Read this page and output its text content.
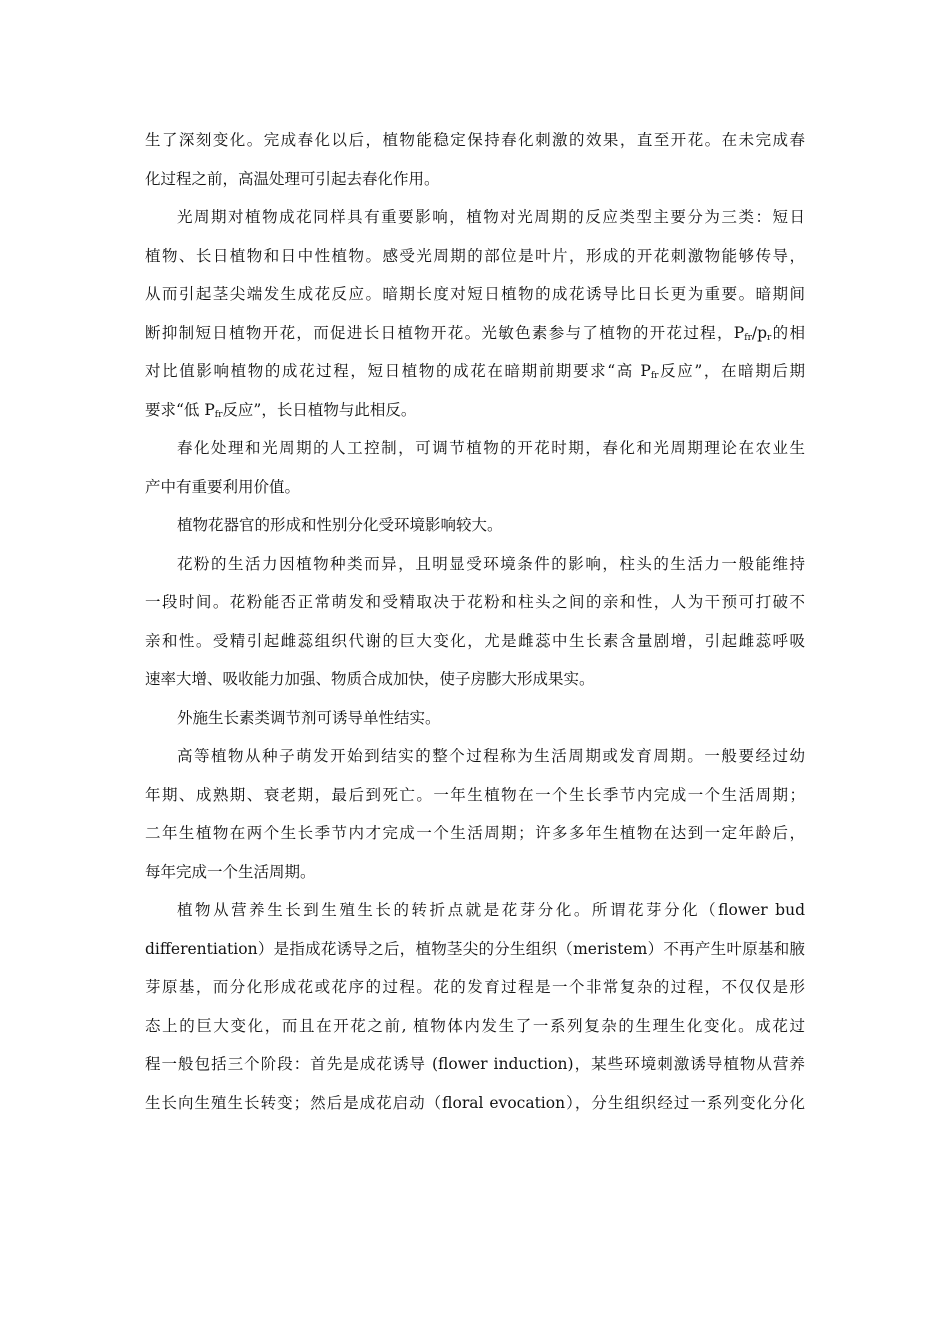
生了深刻变化。完成春化以后，植物能稳定保持春化刺激的效果，直至开花。在未完成春
化过程之前，高温处理可引起去春化作用。
光周期对植物成花同样具有重要影响，植物对光周期的反应类型主要分为三类：短日
植物、长日植物和日中性植物。感受光周期的部位是叶片，形成的开花刺激物能够传导，
从而引起茎尖端发生成花反应。暗期长度对短日植物的成花诱导比日长更为重要。暗期间
断抑制短日植物开花，而促进长日植物开花。光敏色素参与了植物的开花过程，$P_{fr}/p_r$的相
对比值影响植物的成花过程，短日植物的成花在暗期前期要求“高 $P_{fr}$反应”，在暗期后期
要求“低 $P_{fr}$反应”，长日植物与此相反。
春化处理和光周期的人工控制，可调节植物的开花时期，春化和光周期理论在农业生
产中有重要利用价值。
植物花器官的形成和性别分化受环境影响较大。
花粉的生活力因植物种类而异，且明显受环境条件的影响，柱头的生活力一般能维持
一段时间。花粉能否正常萌发和受精取决于花粉和柱头之间的亲和性，人为干预可打破不
亲和性。受精引起雌蕊组织代谢的巨大变化，尤是雌蕊中生长素含量剧增，引起雌蕊呼吸
速率大增、吸收能力加强、物质合成加快，使子房膨大形成果实。
外施生长素类调节剂可诱导单性结实。
高等植物从种子萌发开始到结实的整个过程称为生活周期或发育周期。一般要经过幼
年期、成熟期、衰老期，最后到死亡。一年生植物在一个生长季节内完成一个生活周期；
二年生植物在两个生长季节内才完成一个生活周期；许多多年生植物在达到一定年龄后，
每年完成一个生活周期。
植物从营养生长到生殖生长的转折点就是花芽分化。所谓花芽分化（flower bud
differentiation）是指成花诱导之后，植物茎尖的分生组织（meristem）不再产生叶原基和腋
芽原基，而分化形成花或花序的过程。花的发育过程是一个非常复杂的过程，不仅仅是形
态上的巨大变化，而且在开花之前, 植物体内发生了一系列复杂的生理生化变化。成花过
程一般包括三个阶段：首先是成花诱导 (flower induction)，某些环境刺激诱导植物从营养
生长向生殖生长转变；然后是成花启动（floral evocation），分生组织经过一系列变化分化
